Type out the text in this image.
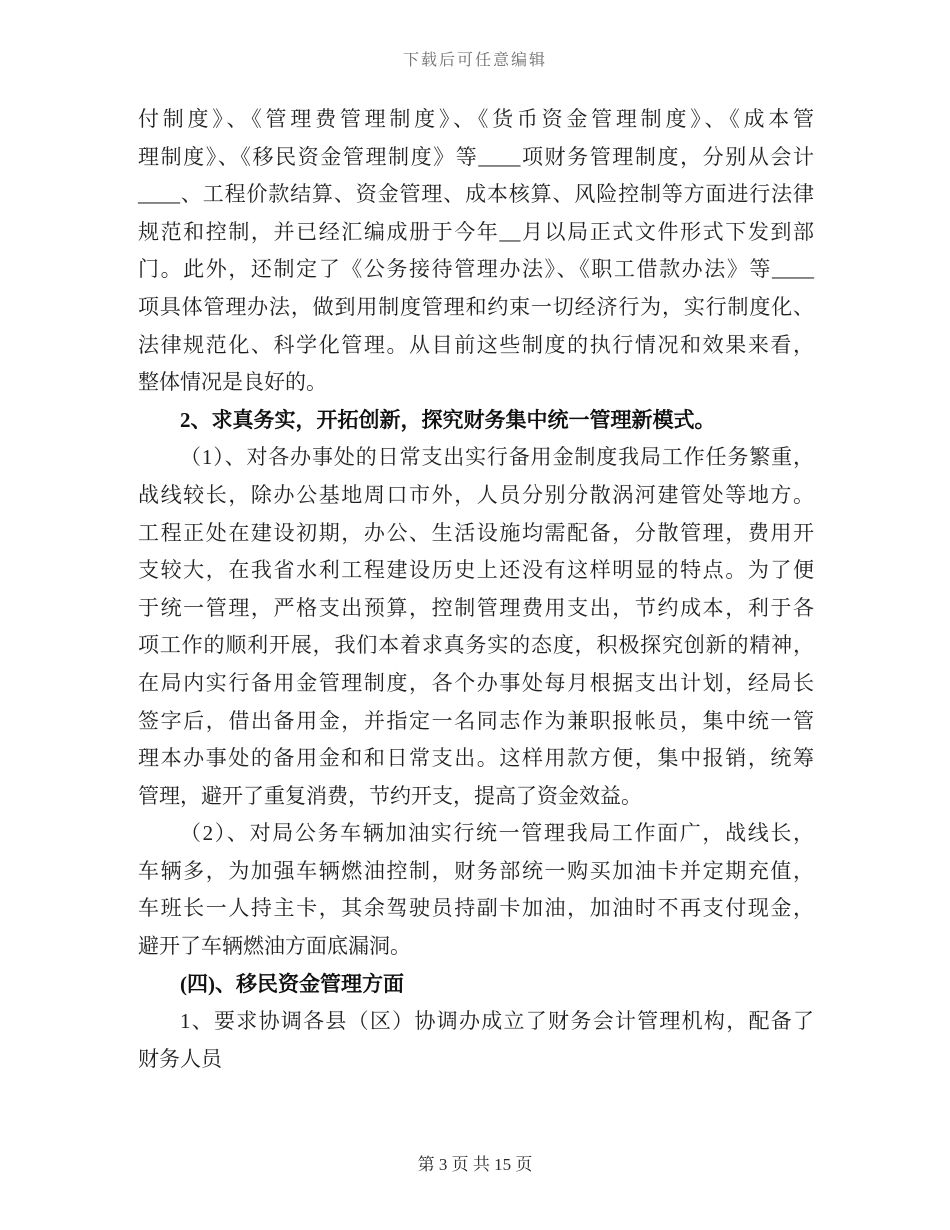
下载后可任意编辑
付制度》、《管理费管理制度》、《货币资金管理制度》、《成本管
理制度》、《移民资金管理制度》等____项财务管理制度，分别从会计
____、工程价款结算、资金管理、成本核算、风险控制等方面进行法律
规范和控制，并已经汇编成册于今年__月以局正式文件形式下发到部
门。此外，还制定了《公务接待管理办法》、《职工借款办法》等____
项具体管理办法，做到用制度管理和约束一切经济行为，实行制度化、
法律规范化、科学化管理。从目前这些制度的执行情况和效果来看，
整体情况是良好的。
2、求真务实，开拓创新，探究财务集中统一管理新模式。
（1）、对各办事处的日常支出实行备用金制度我局工作任务繁重，
战线较长，除办公基地周口市外，人员分别分散涡河建管处等地方。
工程正处在建设初期，办公、生活设施均需配备，分散管理，费用开
支较大，在我省水利工程建设历史上还没有这样明显的特点。为了便
于统一管理，严格支出预算，控制管理费用支出，节约成本，利于各
项工作的顺利开展，我们本着求真务实的态度，积极探究创新的精神，
在局内实行备用金管理制度，各个办事处每月根据支出计划，经局长
签字后，借出备用金，并指定一名同志作为兼职报帐员，集中统一管
理本办事处的备用金和和日常支出。这样用款方便，集中报销，统筹
管理，避开了重复消费，节约开支，提高了资金效益。
（2）、对局公务车辆加油实行统一管理我局工作面广，战线长，
车辆多，为加强车辆燃油控制，财务部统一购买加油卡并定期充值，
车班长一人持主卡，其余驾驶员持副卡加油，加油时不再支付现金，
避开了车辆燃油方面底漏洞。
(四)、移民资金管理方面
1、要求协调各县（区）协调办成立了财务会计管理机构，配备了
财务人员
第 3 页 共 15 页
